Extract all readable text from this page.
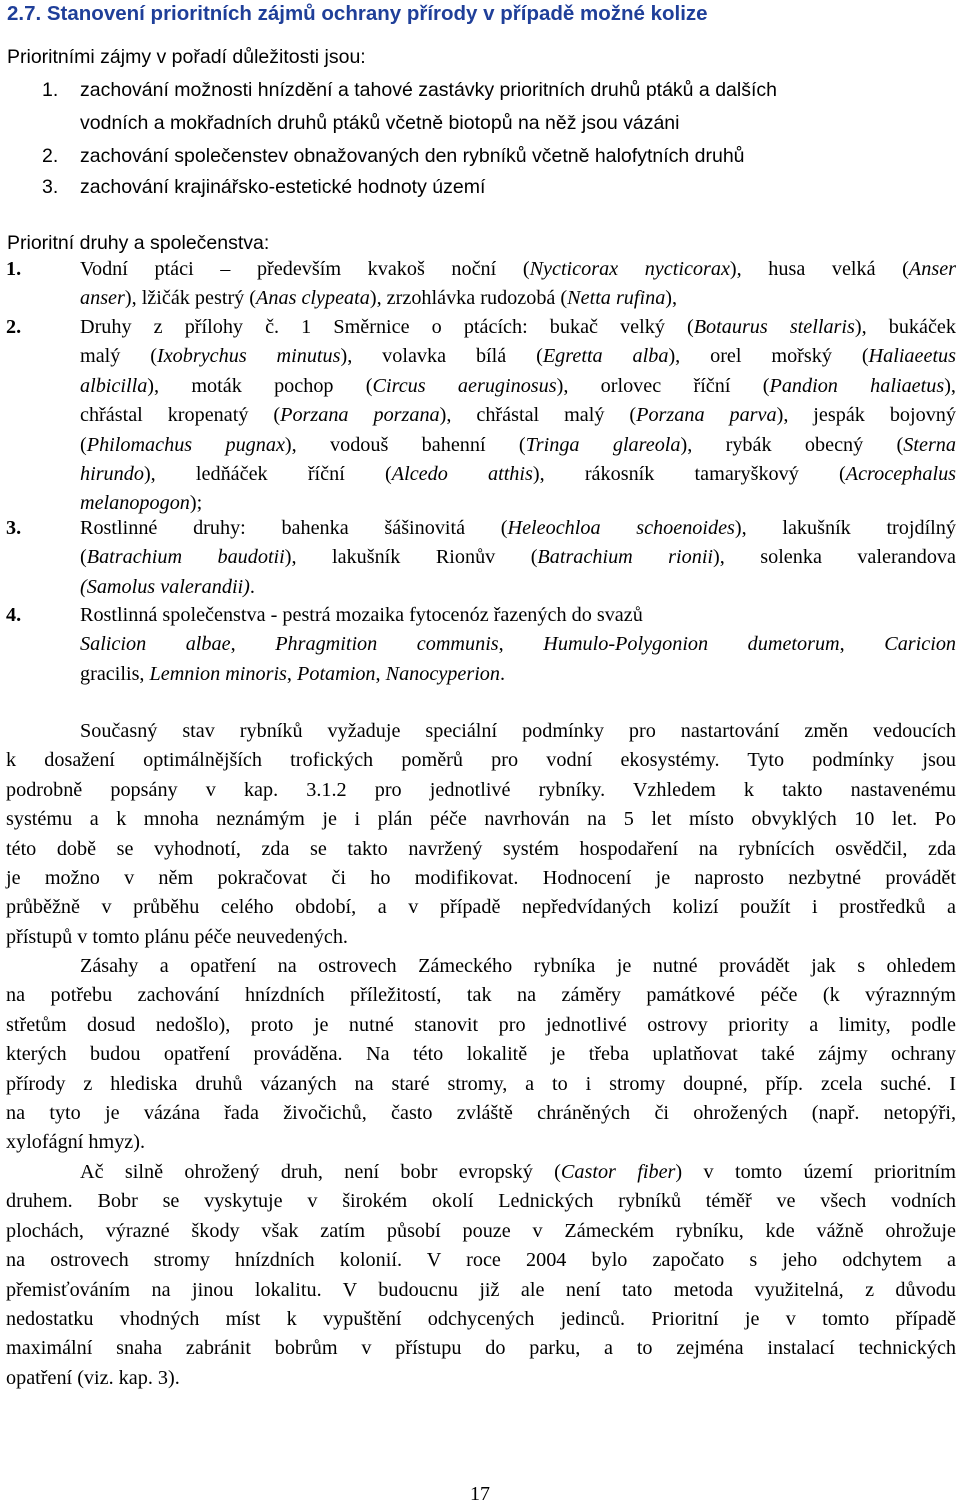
2.7. Stanovení prioritních zájmů ochrany přírody v případě možné kolize
Prioritními zájmy v pořadí důležitosti jsou:
1. zachování možnosti hnízdění a tahové zastávky prioritních druhů ptáků a dalších
vodních a mokřadních druhů ptáků včetně biotopů na něž jsou vázáni
2. zachování společenstev obnažovaných den rybníků včetně halofytních druhů
3. zachování krajinářsko-estetické hodnoty území
Prioritní druhy a společenstva:
1.	Vodní ptáci – především kvakoš noční (Nycticorax nycticorax), husa velká (Anser
anser), lžičák pestrý (Anas clypeata), zrzohlávka rudozobá (Netta rufina),
2.	Druhy z přílohy č. 1 Směrnice o ptácích: bukač velký (Botaurus stellaris), bukáček
malý (Ixobrychus minutus), volavka bílá (Egretta alba), orel mořský (Haliaeetus
albicilla), moták pochop (Circus aeruginosus), orlovec říční (Pandion haliaetus),
chřástal kropenatý (Porzana porzana), chřástal malý (Porzana parva), jespák bojovný
(Philomachus pugnax), vodouš bahenní (Tringa glareola), rybák obecný (Sterna
hirundo), ledňáček říční (Alcedo atthis), rákosník tamaryškový (Acrocephalus
melanopogon);
3.	Rostlinné druhy: bahenka šášinovitá (Heleochloa schoenoides), lakušník trojdílný
(Batrachium baudotii), lakušník Rionův (Batrachium rionii), solenka valerandova
(Samolus valerandii).
4.	Rostlinná společenstva - pestrá mozaika fytocenóz řazených do svazů
Salicion albae, Phragmition communis, Humulo-Polygonion dumetorum, Caricion
gracilis, Lemnion minoris, Potamion, Nanocyperion.
Současný stav rybníků vyžaduje speciální podmínky pro nastartování změn vedoucích
k dosažení optimálnějších trofických poměrů pro vodní ekosystémy. Tyto podmínky jsou
podrobně popsány v kap. 3.1.2 pro jednotlivé rybníky. Vzhledem k takto nastavenému
systému a k mnoha neznámým je i plán péče navrhován na 5 let místo obvyklých 10 let. Po
této době se vyhodnotí, zda se takto navržený systém hospodaření na rybnících osvědčil, zda
je možno v něm pokračovat či ho modifikovat. Hodnocení je naprosto nezbytné provádět
průběžně v průběhu celého období, a v případě nepředvídaných kolizí použít i prostředků a
přístupů v tomto plánu péče neuvedených.
Zásahy a opatření na ostrovech Zámeckého rybníka je nutné provádět jak s ohledem
na potřebu zachování hnízdních příležitostí, tak na záměry památkové péče (k výraznným
střetům dosud nedošlo), proto je nutné stanovit pro jednotlivé ostrovy priority a limity, podle
kterých budou opatření prováděna. Na této lokalitě je třeba uplatňovat také zájmy ochrany
přírody z hlediska druhů vázaných na staré stromy, a to i stromy doupné, příp. zcela suché. I
na tyto je vázána řada živočichů, často zvláště chráněných či ohrožených (např. netopýři,
xylofágní hmyz).
Ač silně ohrožený druh, není bobr evropský (Castor fiber) v tomto území prioritním
druhem. Bobr se vyskytuje v širokém okolí Lednických rybníků téměř ve všech vodních
plochách, výrazné škody však zatím působí pouze v Zámeckém rybníku, kde vážně ohrožuje
na ostrovech stromy hnízdních kolonií. V roce 2004 bylo započato s jeho odchytem a
přemisťováním na jinou lokalitu. V budoucnu již ale není tato metoda využitelná, z důvodu
nedostatku vhodných míst k vypuštění odchycených jedinců. Prioritní je v tomto případě
maximální snaha zabránit bobrům v přístupu do parku, a to zejména instalací technických
opatření (viz. kap. 3).
17
